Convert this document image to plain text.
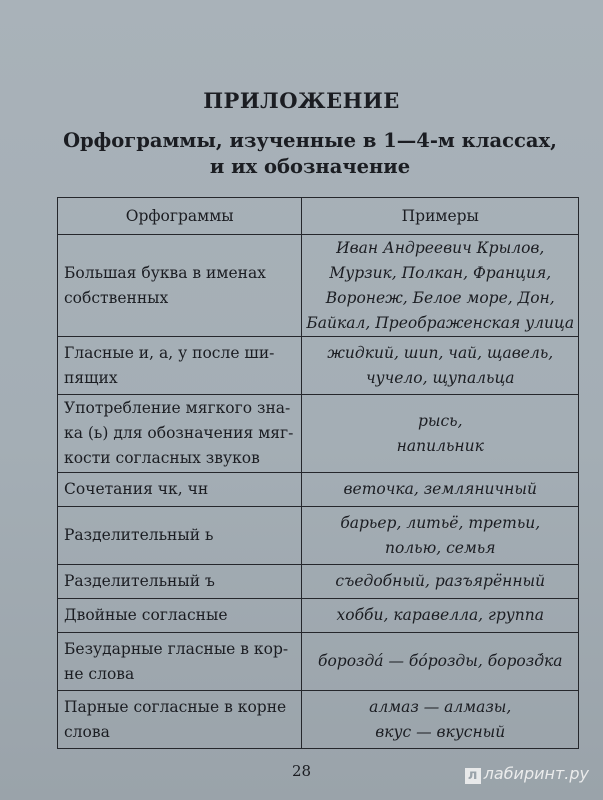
ПРИЛОЖЕНИЕ
Орфограммы, изученные в 1—4-м классах,
и их обозначение
Орфограммы	Примеры

Большая буква в именах
собственных	Иван Андреевич Крылов,
Мурзик, Полкан, Франция,
Воронеж, Белое море, Дон,
Байкал, Преображенская улица

Гласные и, а, у после ши-
пящих	жидкий, шип, чай, щавель,
чучело, щупальца

Употребление мягкого зна-
ка (ь) для обозначения мяг-
кости согласных звуков	рысь,
напильник

Сочетания чк, чн	веточка, земляничный

Разделительный ь	барьер, литьё, третьи,
полью, семья

Разделительный ъ	съедобный, разъярённый

Двойные согласные	хобби, каравелла, группа

Безударные гласные в кор-
не слова	борозда́ — бо́розды, борозд́ка

Парные согласные в корне
слова	алмаз — алмазы,
вкус — вкусный
28	л лабиринт.ру
